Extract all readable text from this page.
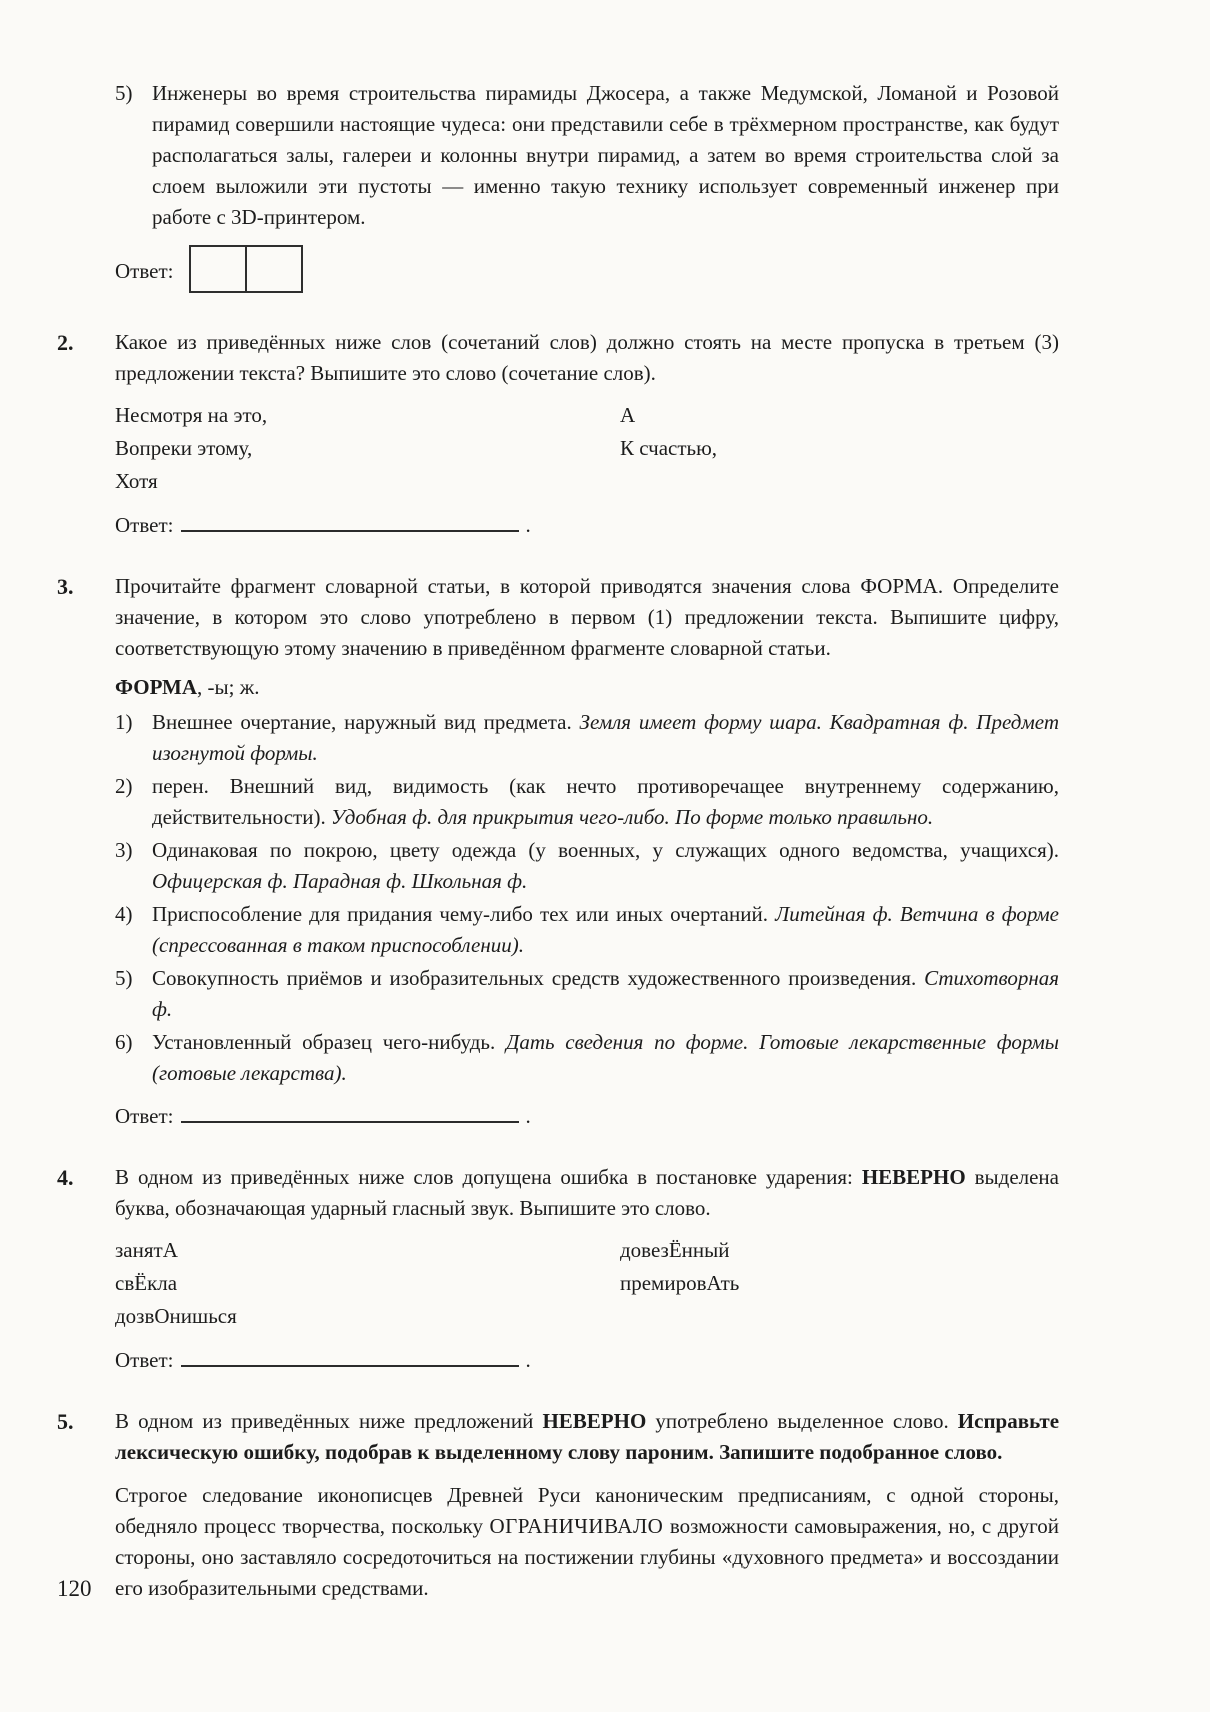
5) Инженеры во время строительства пирамиды Джосера, а также Медумской, Ломаной и Розовой пирамид совершили настоящие чудеса: они представили себе в трёхмерном пространстве, как будут располагаться залы, галереи и колонны внутри пирамид, а затем во время строительства слой за слоем выложили эти пустоты — именно такую технику использует современный инженер при работе с 3D-принтером.
Ответ:
2.	Какое из приведённых ниже слов (сочетаний слов) должно стоять на месте пропуска в третьем (3) предложении текста? Выпишите это слово (сочетание слов).

Несмотря на это,
Вопреки этому,
Хотя
А
К счастью,
Ответ:	.
3.	Прочитайте фрагмент словарной статьи, в которой приводятся значения слова ФОРМА. Определите значение, в котором это слово употреблено в первом (1) предложении текста. Выпишите цифру, соответствующую этому значению в приведённом фрагменте словарной статьи.

ФОРМА, -ы; ж.

1) Внешнее очертание, наружный вид предмета. Земля имеет форму шара. Квадратная ф. Предмет изогнутой формы.
2) перен. Внешний вид, видимость (как нечто противоречащее внутреннему содержанию, действительности). Удобная ф. для прикрытия чего-либо. По форме только правильно.
3) Одинаковая по покрою, цвету одежда (у военных, у служащих одного ведомства, учащихся). Офицерская ф. Парадная ф. Школьная ф.
4) Приспособление для придания чему-либо тех или иных очертаний. Литейная ф. Ветчина в форме (спрессованная в таком приспособлении).
5) Совокупность приёмов и изобразительных средств художественного произведения. Стихотворная ф.
6) Установленный образец чего-нибудь. Дать сведения по форме. Готовые лекарственные формы (готовые лекарства).
Ответ:	.
4.	В одном из приведённых ниже слов допущена ошибка в постановке ударения: НЕВЕРНО выделена буква, обозначающая ударный гласный звук. Выпишите это слово.

занятА
свЁкла
дозвОнишься
довезЁнный
премировАть
Ответ:	.
5.	В одном из приведённых ниже предложений НЕВЕРНО употреблено выделенное слово. Исправьте лексическую ошибку, подобрав к выделенному слову пароним. Запишите подобранное слово.

Строгое следование иконописцев Древней Руси каноническим предписаниям, с одной стороны, обедняло процесс творчества, поскольку ОГРАНИЧИВАЛО возможности самовыражения, но, с другой стороны, оно заставляло сосредоточиться на постижении глубины «духовного предмета» и воссоздании его изобразительными средствами.

120
